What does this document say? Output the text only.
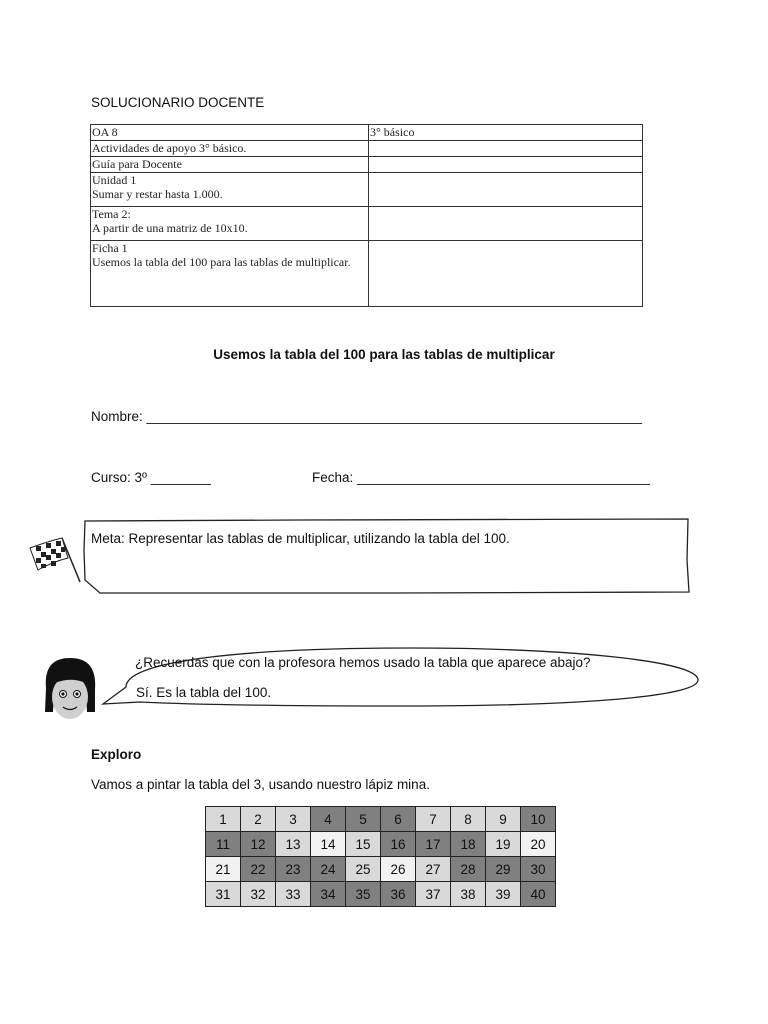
SOLUCIONARIO DOCENTE
OA 8	3° básico

Actividades de apoyo 3° básico.	

Guía para Docente	

Unidad 1
Sumar y restar hasta 1.000.	

Tema 2:
A partir de una matriz de 10x10.	

Ficha 1
Usemos la tabla del 100 para las tablas de multiplicar.	

Usemos la tabla del 100 para las tablas de multiplicar
Nombre: __________________________________________________________________
Curso: 3º ________	Fecha: _______________________________________
Meta: Representar las tablas de multiplicar, utilizando la tabla del 100.
¿Recuerdas que con la profesora hemos usado la tabla que aparece abajo?
Sí. Es la tabla del 100.
Exploro
Vamos a pintar la tabla del 3, usando nuestro lápiz mina.
1	2	3	4	5	6	7	8	9	10
11	12	13	14	15	16	17	18	19	20
21	22	23	24	25	26	27	28	29	30
31	32	33	34	35	36	37	38	39	40
